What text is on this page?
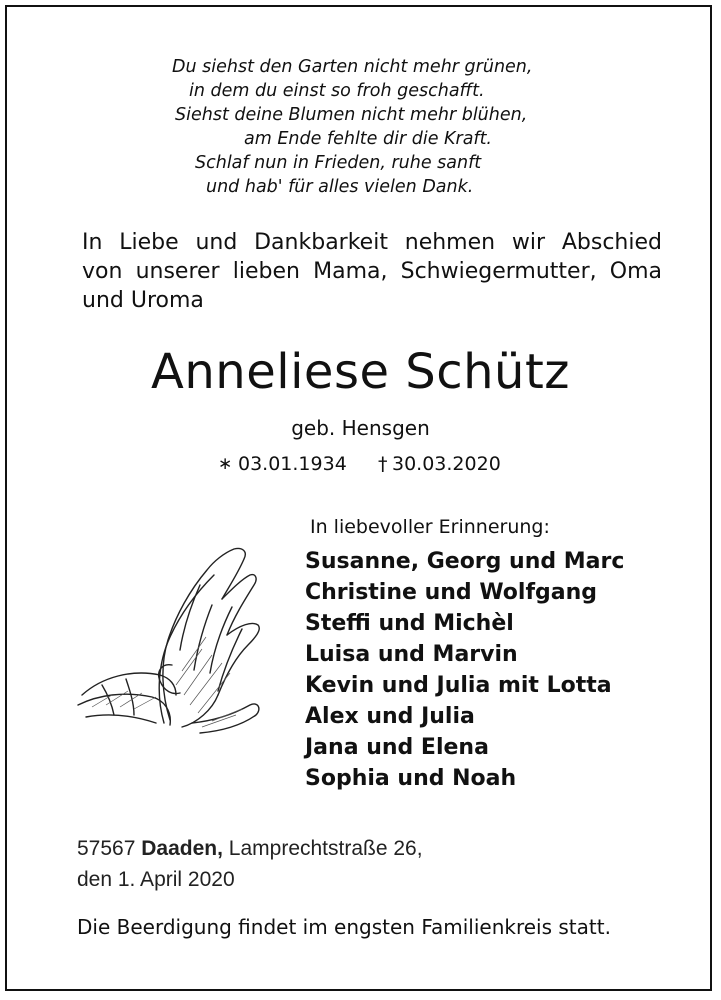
Du siehst den Garten nicht mehr grünen,
in dem du einst so froh geschafft.
Siehst deine Blumen nicht mehr blühen,
am Ende fehlte dir die Kraft.
Schlaf nun in Frieden, ruhe sanft
und hab' für alles vielen Dank.
In Liebe und Dankbarkeit nehmen wir Abschied
von unserer lieben Mama, Schwiegermutter, Oma
und Uroma
Anneliese Schütz
geb. Hensgen
∗ 03.01.1934 † 30.03.2020
In liebevoller Erinnerung:
Susanne, Georg und Marc
Christine und Wolfgang
Steffi und Michèl
Luisa und Marvin
Kevin und Julia mit Lotta
Alex und Julia
Jana und Elena
Sophia und Noah
57567 Daaden, Lamprechtstraße 26,
den 1. April 2020
Die Beerdigung findet im engsten Familienkreis statt.
